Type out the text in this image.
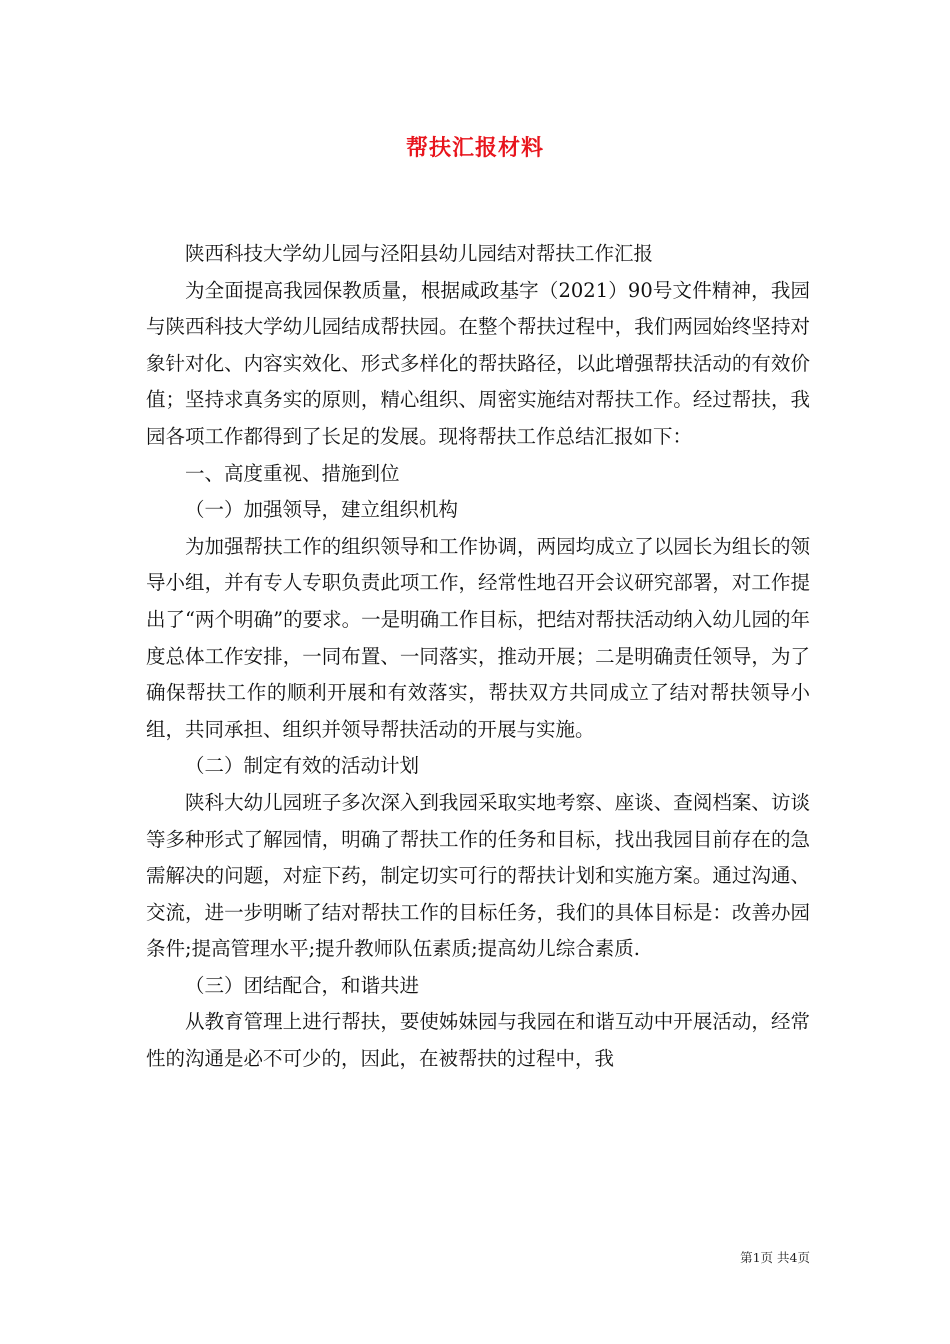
帮扶汇报材料

陕西科技大学幼儿园与泾阳县幼儿园结对帮扶工作汇报

为全面提高我园保教质量，根据咸政基字（2021）90号文件精神，我园与陕西科技大学幼儿园结成帮扶园。在整个帮扶过程中，我们两园始终坚持对象针对化、内容实效化、形式多样化的帮扶路径，以此增强帮扶活动的有效价值；坚持求真务实的原则，精心组织、周密实施结对帮扶工作。经过帮扶，我园各项工作都得到了长足的发展。现将帮扶工作总结汇报如下：

一、高度重视、措施到位

（一）加强领导，建立组织机构

为加强帮扶工作的组织领导和工作协调，两园均成立了以园长为组长的领导小组，并有专人专职负责此项工作，经常性地召开会议研究部署，对工作提出了“两个明确”的要求。一是明确工作目标，把结对帮扶活动纳入幼儿园的年度总体工作安排，一同布置、一同落实，推动开展；二是明确责任领导，为了确保帮扶工作的顺利开展和有效落实，帮扶双方共同成立了结对帮扶领导小组，共同承担、组织并领导帮扶活动的开展与实施。

（二）制定有效的活动计划

陕科大幼儿园班子多次深入到我园采取实地考察、座谈、查阅档案、访谈等多种形式了解园情，明确了帮扶工作的任务和目标，找出我园目前存在的急需解决的问题，对症下药，制定切实可行的帮扶计划和实施方案。通过沟通、交流，进一步明晰了结对帮扶工作的目标任务，我们的具体目标是：改善办园条件;提高管理水平;提升教师队伍素质;提高幼儿综合素质.

（三）团结配合，和谐共进

从教育管理上进行帮扶，要使姊妹园与我园在和谐互动中开展活动，经常性的沟通是必不可少的，因此，在被帮扶的过程中，我

第1页 共4页
